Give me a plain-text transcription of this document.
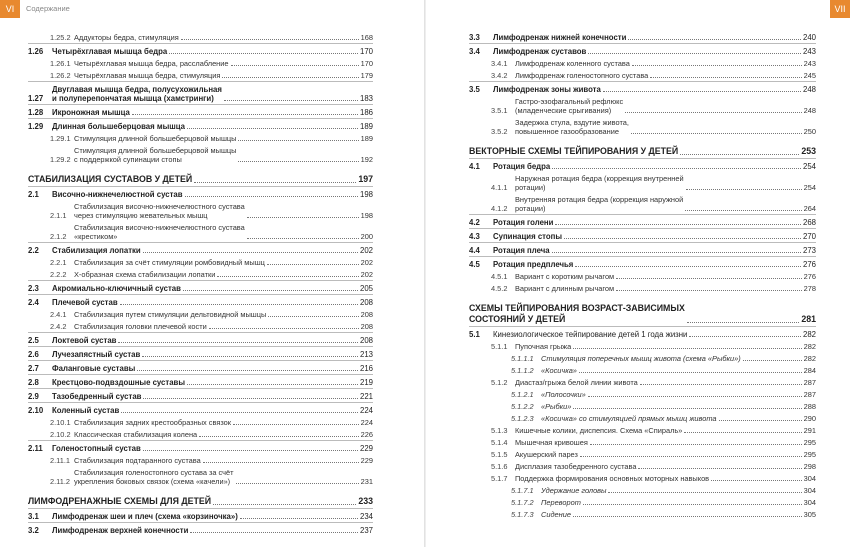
VI	Содержание
1.25.2 Аддукторы бедра, стимуляция	168
1.26	Четырёхглавая мышца бедра	170
1.26.1 Четырёхглавая мышца бедра, расслабление	170
1.26.2 Четырёхглавая мышца бедра, стимуляция	179
1.27
Двуглавая мышца бедра, полусухожильная
и полуперепончатая мышца (хамстринги)	183
1.28	Икроножная мышца	186
1.29	Длинная большеберцовая мышца	189
1.29.1 Стимуляция длинной большеберцовой мышцы	189
1.29.2
Стимуляция длинной большеберцовой мышцы
с поддержкой супинации стопы	192
СТАБИЛИЗАЦИЯ СУСТАВОВ У ДЕТЕЙ	197
2.1	Височно-нижнечелюстной сустав	198
2.1.1
Стабилизация височно-нижнечелюстного сустава
через стимуляцию жевательных мышц	198
2.1.2
Стабилизация височно-нижнечелюстного сустава
«крестиком»	200
2.2	Стабилизация лопатки	202
2.2.1	Стабилизация за счёт стимуляции ромбовидный мышц	202
2.2.2	Х-образная схема стабилизации лопатки	202
2.3	Акромиально-ключичный сустав	205
2.4	Плечевой сустав	208
2.4.1	Стабилизация путем стимуляции дельтовидной мышцы	208
2.4.2	Стабилизация головки плечевой кости	208
2.5	Локтевой сустав	208
2.6	Лучезапястный сустав	213
2.7	Фаланговые суставы	216
2.8	Крестцово-подвздошные суставы	219
2.9	Тазобедренный сустав	221
2.10	Коленный сустав	224
2.10.1 Стабилизация задних крестообразных связок	224
2.10.2 Классическая стабилизация колена	226
2.11	Голеностопный сустав	229
2.11.1 Стабилизация подтаранного сустава	229
2.11.2
Стабилизация голеностопного сустава за счёт
укрепления боковых связок (схема «качели»)	231
ЛИМФОДРЕНАЖНЫЕ СХЕМЫ ДЛЯ ДЕТЕЙ	233
3.1	Лимфодренаж шеи и плеч (схема «корзиночка»)	234
3.2	Лимфодренаж верхней конечности	237
VII
3.3	Лимфодренаж нижней конечности	240
3.4	Лимфодренаж суставов	243
3.4.1	Лимфодренаж коленного сустава	243
3.4.2	Лимфодренаж голеностопного сустава	245
3.5	Лимфодренаж зоны живота	248
3.5.1
Гастро-эзофагальный рефлюкс
(младенческие срыгивания)	248
3.5.2
Задержка стула, вздутие живота,
повышенное газообразование	250
ВЕКТОРНЫЕ СХЕМЫ ТЕЙПИРОВАНИЯ У ДЕТЕЙ	253
4.1	Ротация бедра	254
4.1.1
Наружная ротация бедра (коррекция внутренней
ротации)	254
4.1.2
Внутренняя ротация бедра (коррекция наружной
ротации)	264
4.2	Ротация голени	268
4.3	Супинация стопы	270
4.4	Ротация плеча	273
4.5	Ротация предплечья	276
4.5.1	Вариант с коротким рычагом	276
4.5.2	Вариант с длинным рычагом	278
СХЕМЫ ТЕЙПИРОВАНИЯ ВОЗРАСТ-ЗАВИСИМЫХ
СОСТОЯНИЙ У ДЕТЕЙ	281
5.1	Кинезиологическое тейпирование детей 1 года жизни	282
5.1.1	Пупочная грыжа	282
5.1.1.1 Стимуляция поперечных мышц живота (схема «Рыбки»)	282
5.1.1.2 «Косичка»	284
5.1.2	Диастаз/грыжа белой линии живота	287
5.1.2.1 «Полосочки»	287
5.1.2.2 «Рыбки»	288
5.1.2.3 «Косичка» со стимуляцией прямых мышц живота	290
5.1.3	Кишечные колики, диспепсия. Схема «Спираль»	291
5.1.4	Мышечная кривошея	295
5.1.5	Акушерский парез	295
5.1.6	Дисплазия тазобедренного сустава	298
5.1.7	Поддержка формирования основных моторных навыков	304
5.1.7.1 Удержание головы	304
5.1.7.2 Переворот	304
5.1.7.3 Сидение	305
